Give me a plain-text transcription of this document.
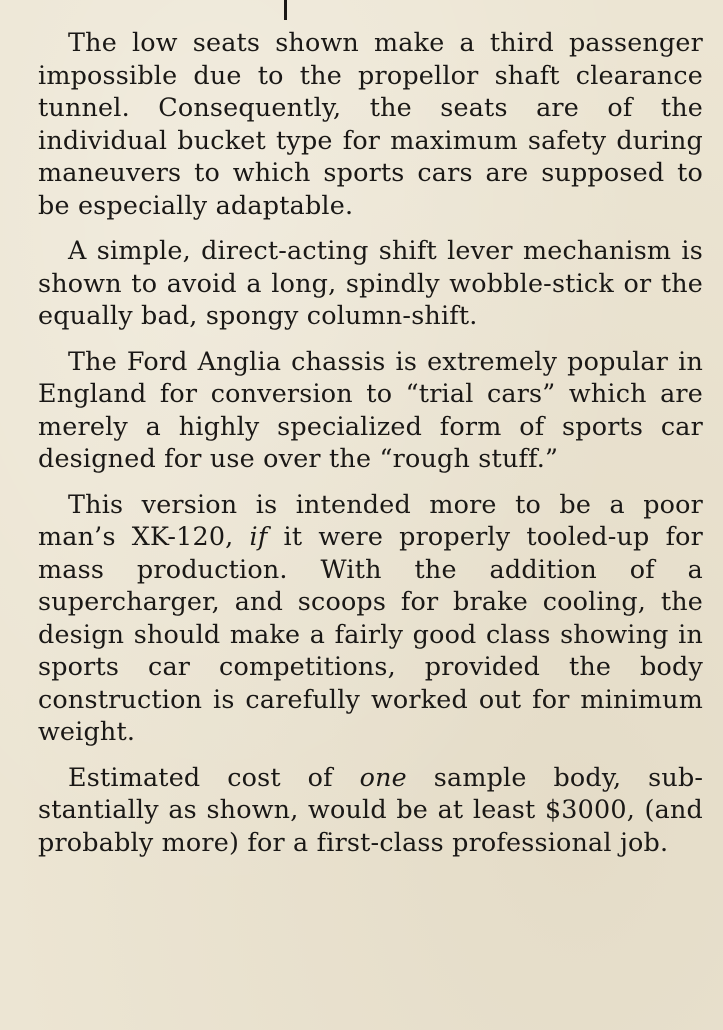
The low seats shown make a third passenger impossible due to the propellor shaft clearance tunnel. Consequently, the seats are of the individual bucket type for maximum safety during maneuvers to which sports cars are supposed to be especially adaptable.

A simple, direct-acting shift lever mechanism is shown to avoid a long, spindly wobble-stick or the equally bad, spongy column-shift.

The Ford Anglia chassis is extremely popular in England for conversion to “trial cars” which are merely a highly specialized form of sports car designed for use over the “rough stuff.”

This version is intended more to be a poor man’s XK-120, if it were properly tooled-up for mass production. With the addition of a supercharger, and scoops for brake cooling, the design should make a fairly good class showing in sports car competitions, provided the body construction is carefully worked out for minimum weight.

Estimated cost of one sample body, substantially as shown, would be at least $3000, (and probably more) for a first-class professional job.
